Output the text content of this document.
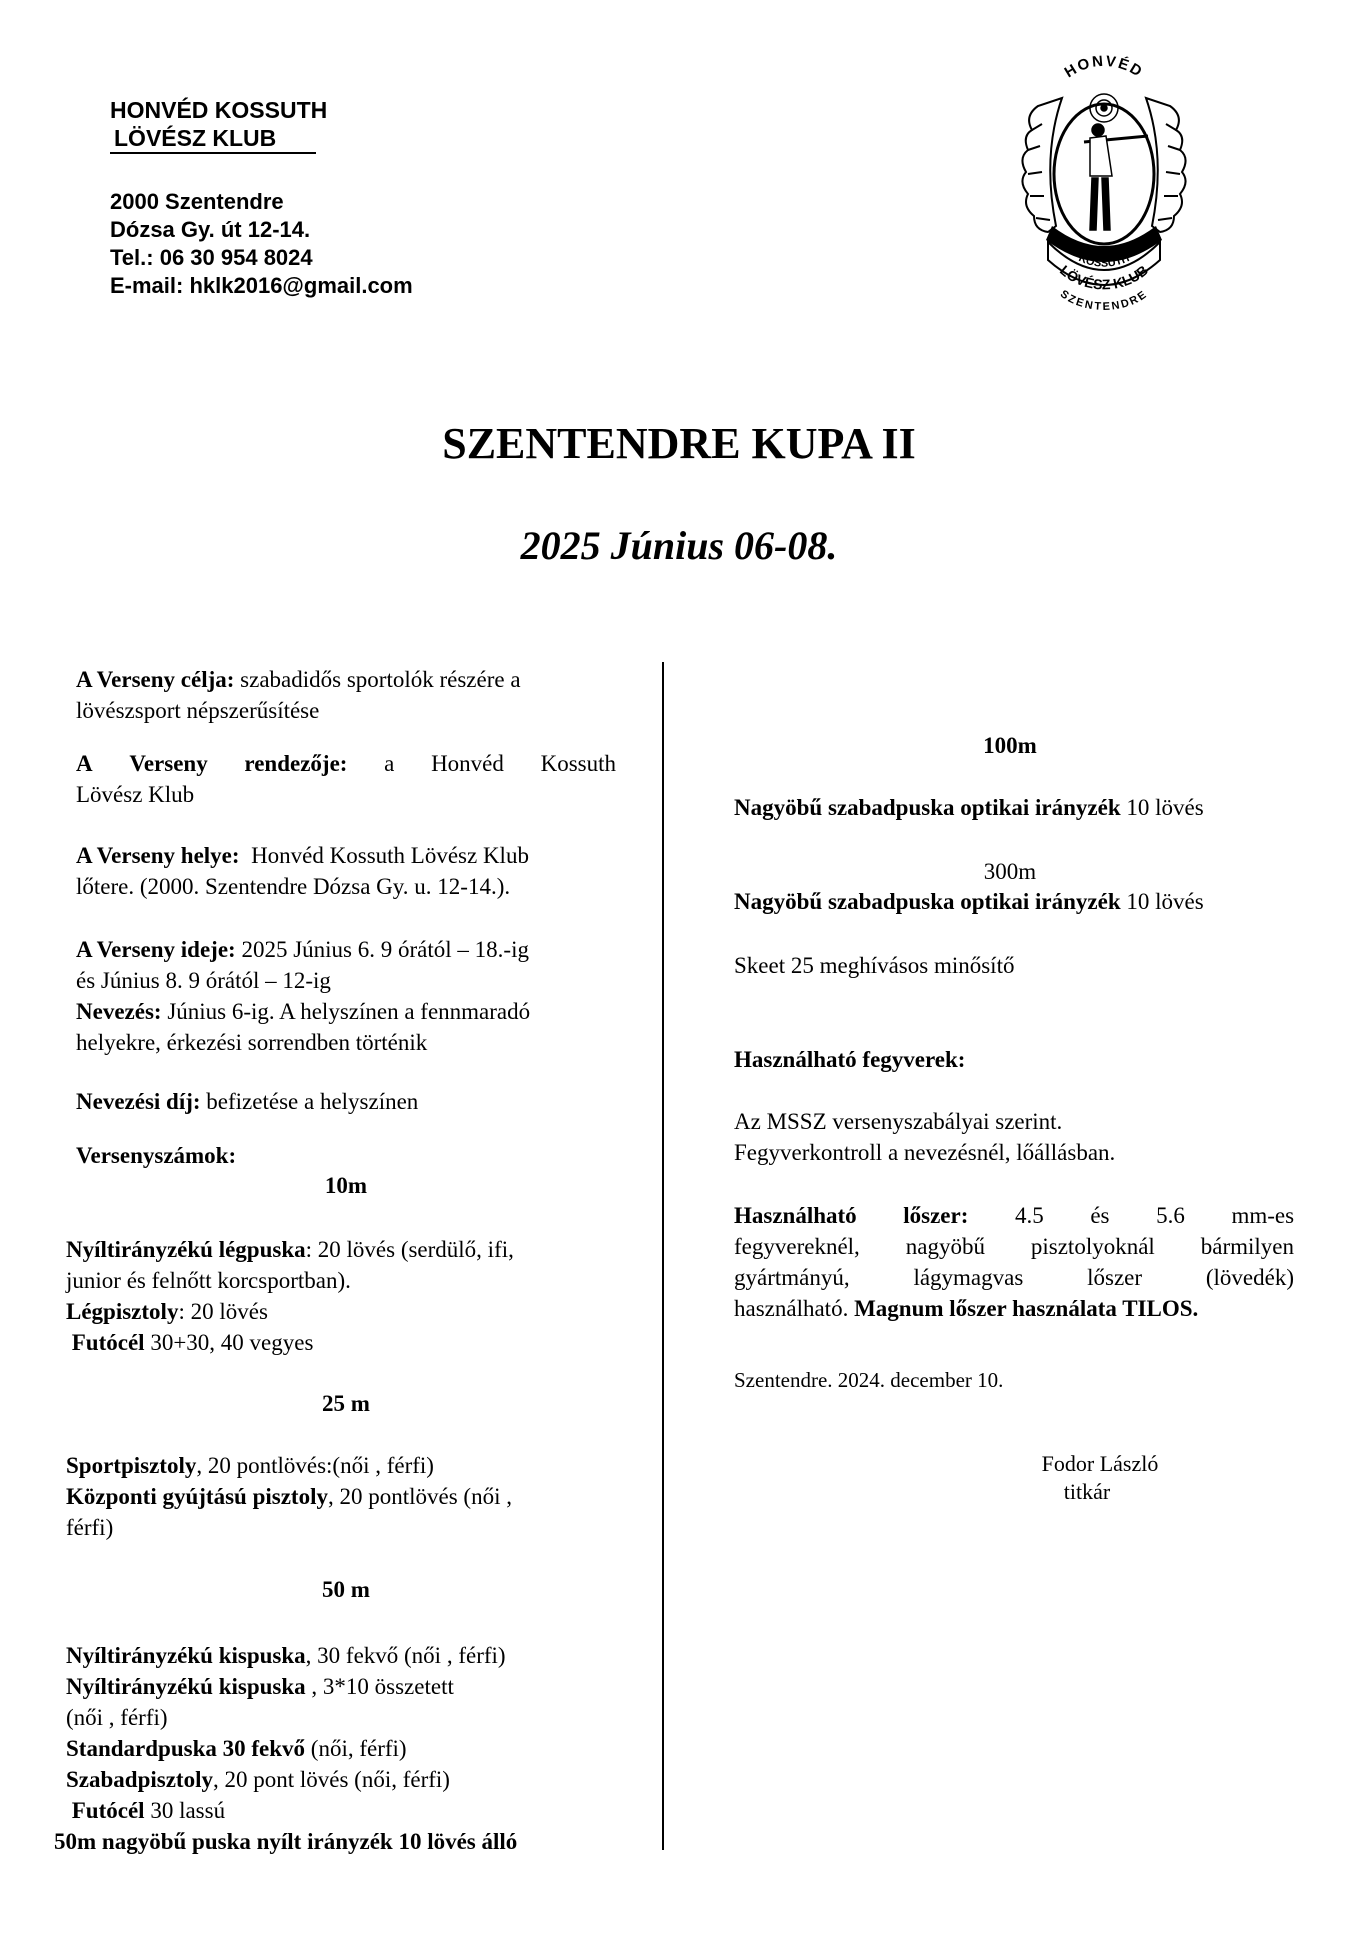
HONVÉD KOSSUTH
LÖVÉSZ KLUB
2000 Szentendre
Dózsa Gy. út 12-14.
Tel.: 06 30 954 8024
E-mail: hklk2016@gmail.com
HONVÉD
KOSSUTH
LÖVÉSZ KLUB
SZENTENDRE
SZENTENDRE KUPA II
2025 Június 06-08.
A Verseny célja: szabadidős sportolók részére a
lövészsport népszerűsítése
A Verseny rendezője: a Honvéd Kossuth
Lövész Klub
A Verseny helye:  Honvéd Kossuth Lövész Klub
lőtere. (2000. Szentendre Dózsa Gy. u. 12-14.).
A Verseny ideje: 2025 Június 6. 9 órától – 18.-ig
és Június 8. 9 órától – 12-ig
Nevezés: Június 6-ig. A helyszínen a fennmaradó
helyekre, érkezési sorrendben történik
Nevezési díj: befizetése a helyszínen
Versenyszámok:
10m
Nyíltirányzékú légpuska: 20 lövés (serdülő, ifi,
junior és felnőtt korcsportban).
Légpisztoly: 20 lövés
Futócél 30+30, 40 vegyes
25 m
Sportpisztoly, 20 pontlövés:(női , férfi)
Központi gyújtású pisztoly, 20 pontlövés (női ,
férfi)
50 m
Nyíltirányzékú kispuska, 30 fekvő (női , férfi)
Nyíltirányzékú kispuska , 3*10 összetett
(női , férfi)
Standardpuska 30 fekvő (női, férfi)
Szabadpisztoly, 20 pont lövés (női, férfi)
Futócél 30 lassú
50m nagyöbű puska nyílt irányzék 10 lövés álló
100m
Nagyöbű szabadpuska optikai irányzék 10 lövés
300m
Nagyöbű szabadpuska optikai irányzék 10 lövés
Skeet 25 meghívásos minősítő
Használható fegyverek:
Az MSSZ versenyszabályai szerint.
Fegyverkontroll a nevezésnél, lőállásban.
Használható lőszer: 4.5 és 5.6 mm-es
fegyvereknél, nagyöbű pisztolyoknál bármilyen
gyártmányú,	lágymagvas	lőszer	(lövedék)
használható. Magnum lőszer használata TILOS.
Szentendre. 2024. december 10.
Fodor László
titkár
